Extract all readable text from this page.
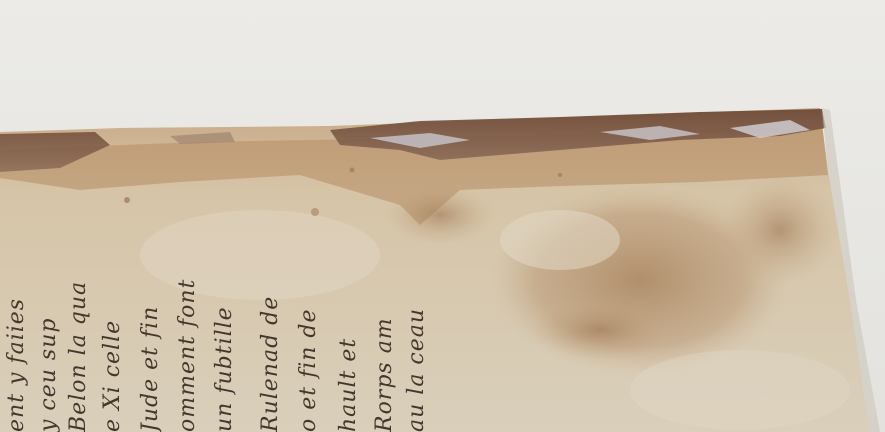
ent y faiies y ceu sup Belon la qua e Xi celle Jude et fin omment font un fubtille Rulenad de o et fin de hault et Rorps am au la ceau
